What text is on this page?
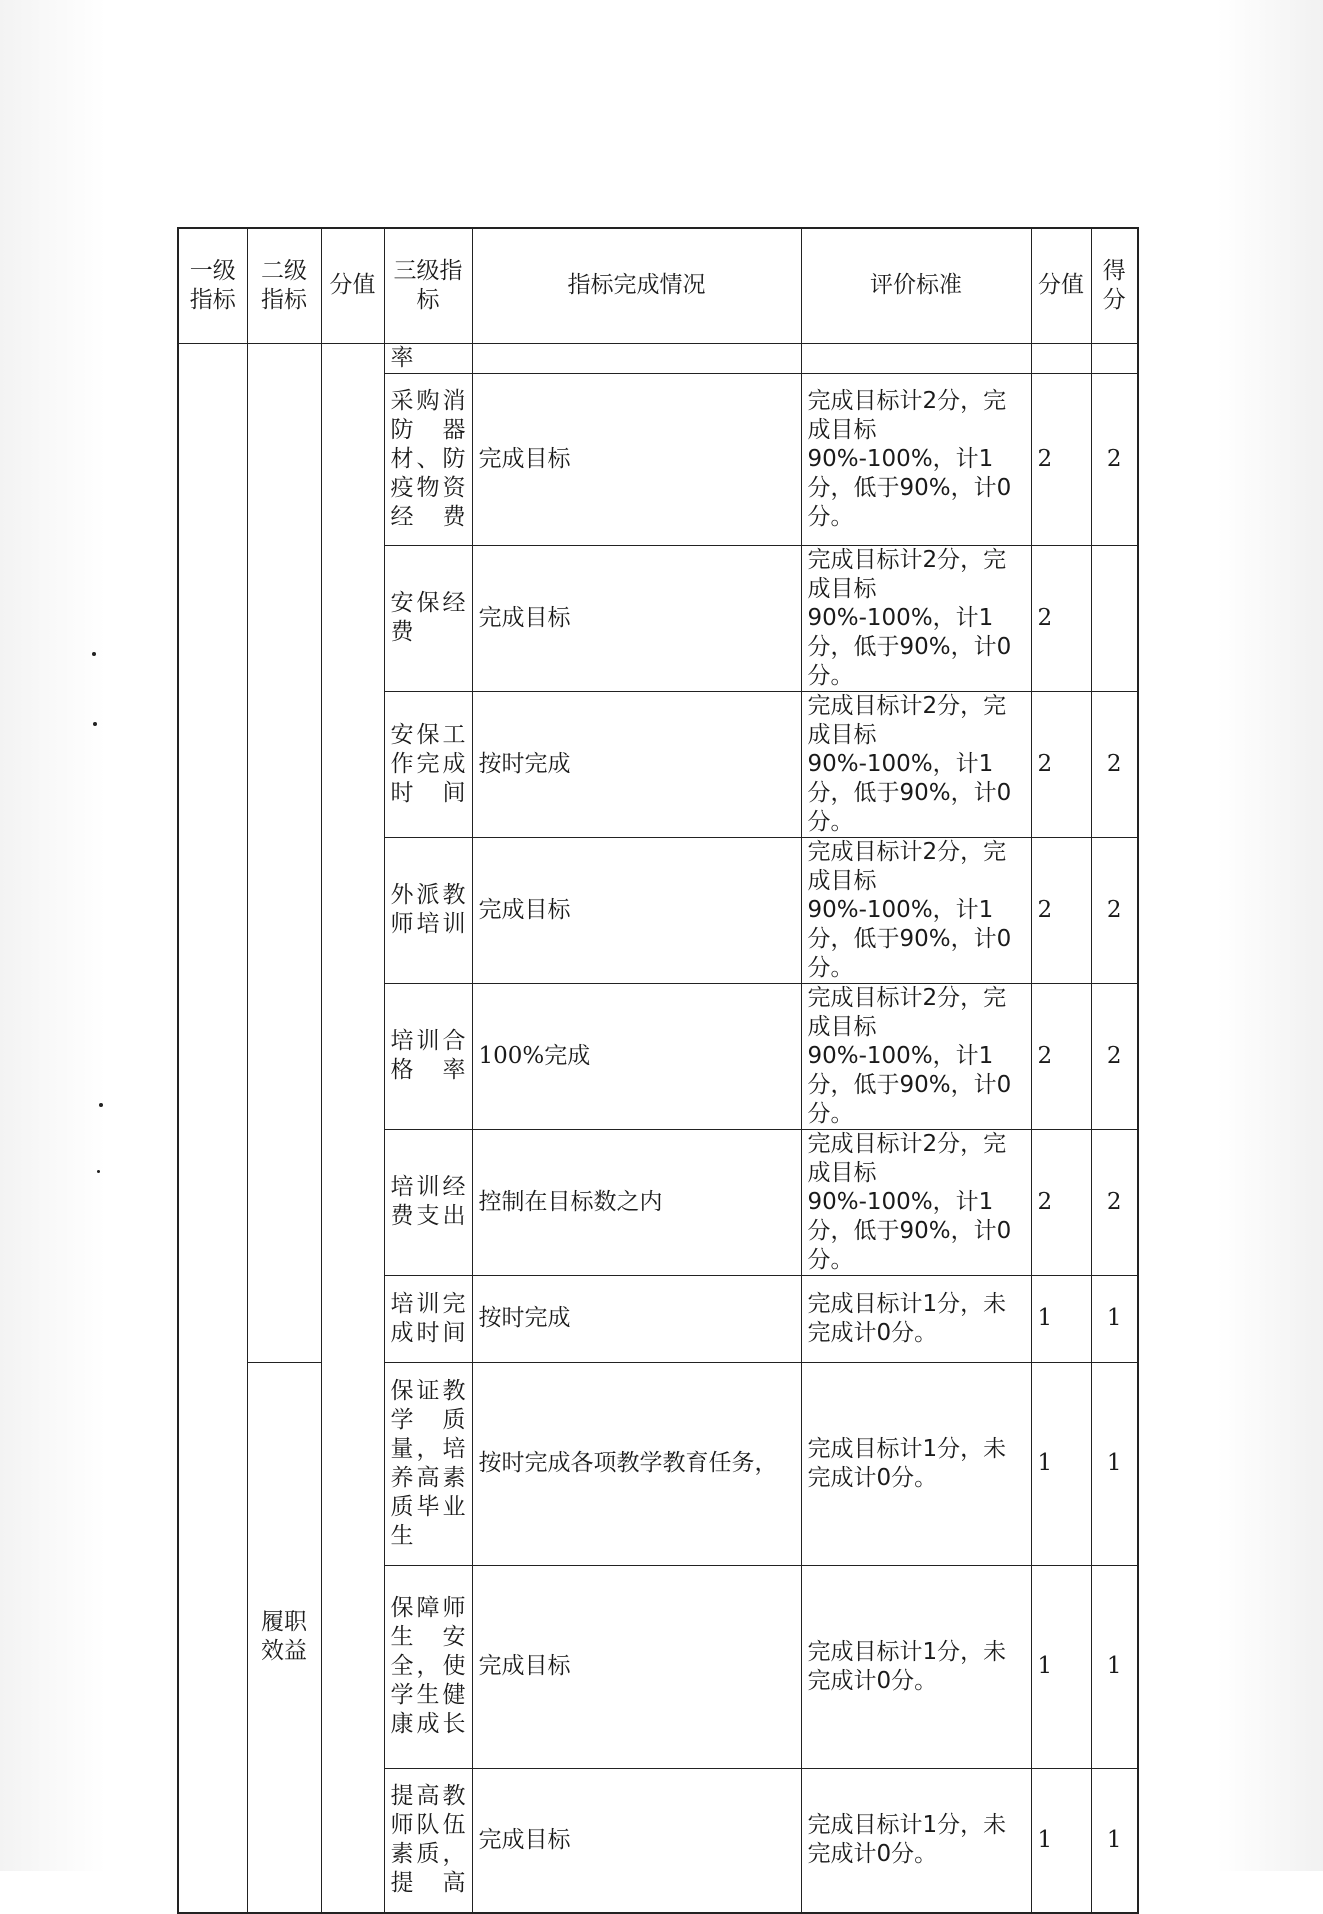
一级指标	二级指标	分值	三级指标	指标完成情况	评价标准	分值	得分
			率				
			采购消防器材、防疫物资经费	完成目标	完成目标计2分，完成目标90%-100%，计1分，低于90%，计0分。	2	2
			安保经费	完成目标	完成目标计2分，完成目标90%-100%，计1分，低于90%，计0分。	2	
			安保工作完成时间	按时完成	完成目标计2分，完成目标90%-100%，计1分，低于90%，计0分。	2	2
			外派教师培训	完成目标	完成目标计2分，完成目标90%-100%，计1分，低于90%，计0分。	2	2
			培训合格率	100%完成	完成目标计2分，完成目标90%-100%，计1分，低于90%，计0分。	2	2
			培训经费支出	控制在目标数之内	完成目标计2分，完成目标90%-100%，计1分，低于90%，计0分。	2	2
			培训完成时间	按时完成	完成目标计1分，未完成计0分。	1	1
	履职效益		保证教学质量，培养高素质毕业生	按时完成各项教学教育任务，	完成目标计1分，未完成计0分。	1	1
			保障师生安全，使学生健康成长	完成目标	完成目标计1分，未完成计0分。	1	1
			提高教师队伍素质，提高	完成目标	完成目标计1分，未完成计0分。	1	1
